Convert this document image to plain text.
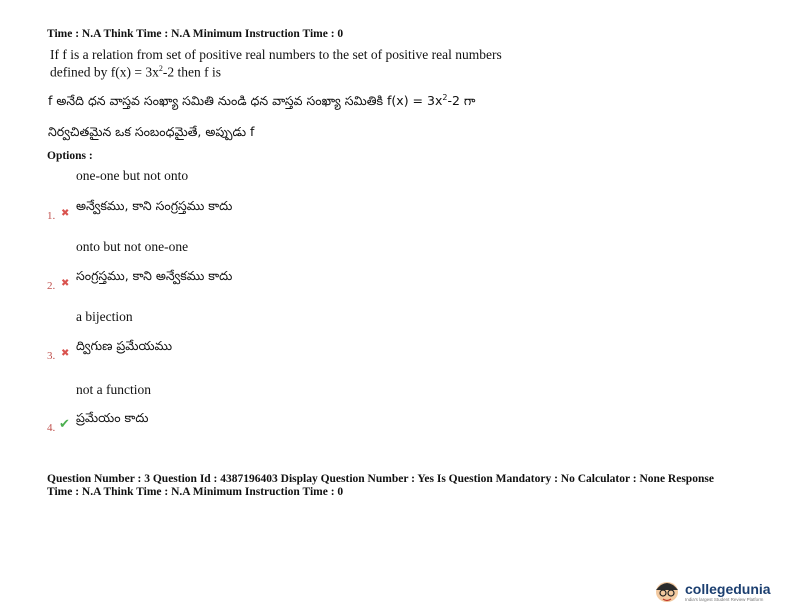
Time : N.A Think Time : N.A Minimum Instruction Time : 0
If f is a relation from set of positive real numbers to the set of positive real numbers
defined by $f(x) = 3x^2-2$ then f is
f అనేది ధన వాస్తవ సంఖ్యా సమితి నుండి ధన వాస్తవ సంఖ్యా సమితికి $f(x) = 3x^2-2$ గా
నిర్వచితమైన ఒక సంబంధమైతే, అప్పుడు f
Options :
one-one but not onto
అన్వేకము, కాని సంగ్రస్తము కాదు
1. ✖
onto but not one-one
సంగ్రస్తము, కాని అన్వేకము కాదు
2. ✖
a bijection
ద్విగుణ ప్రమేయము
3. ✖
not a function
ప్రమేయం కాదు
4. ✔
Question Number : 3 Question Id : 4387196403 Display Question Number : Yes Is Question Mandatory : No Calculator : None Response
Time : N.A Think Time : N.A Minimum Instruction Time : 0
collegedunia
India's largest Student Review Platform
